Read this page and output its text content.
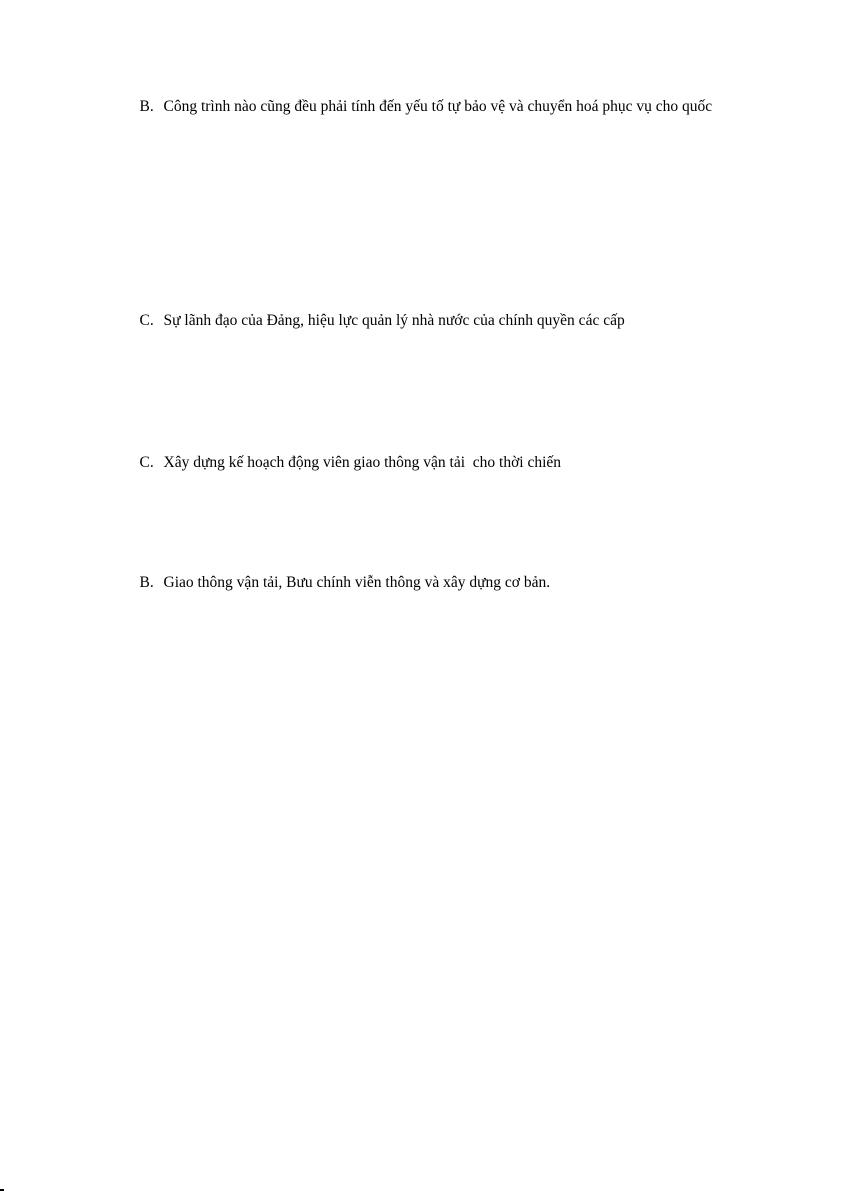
B. Công trình nào cũng đều phải tính đến yếu tố tự bảo vệ và chuyển hoá phục vụ cho quốc

C. Sự lãnh đạo của Đảng, hiệu lực quản lý nhà nước của chính quyền các cấp

C. Xây dựng kế hoạch động viên giao thông vận tải  cho thời chiến

B. Giao thông vận tải, Bưu chính viễn thông và xây dựng cơ bản.
